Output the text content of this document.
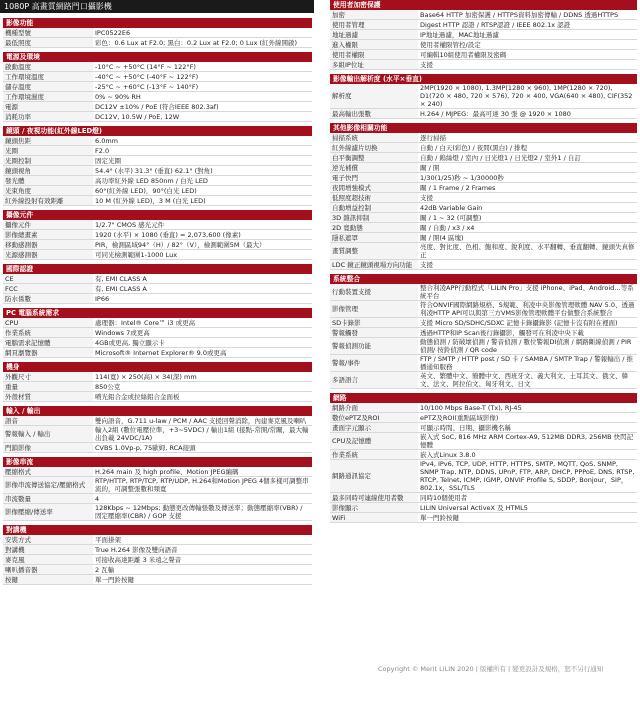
1080P 高畫質網路門口攝影機
影像功能
機種型號	IPC0522E6
最低照度	彩色：0.6 Lux at F2.0; 黑白：0.2 Lux at F2.0; 0 Lux (紅外線開啟)
電源及環境
啟動溫度	-10°C ~ +50°C (14°F ~ 122°F)
工作環境溫度	-40°C ~ +50°C (-40°F ~ 122°F)
儲存溫度	-25°C ~ +60°C (-13°F ~ 140°F)
工作環境濕度	0% ~ 90% RH
電源	DC12V ±10% / PoE (符合IEEE 802.3af)
消耗功率	DC12V, 10.5W / PoE, 12W
鏡頭 / 夜視功能(紅外線LED燈)
鏡頭焦距	6.0mm
光圈	F2.0
光圈控制	固定光圈
鏡頭視角	54.4° (水平) 31.3° (垂直) 62.1° (對角)
發光體	高功率紅外線 LED 850nm / 白光 LED
光束角度	60°(紅外線 LED)，90°(白光 LED)
紅外線投射有效距離	10 M (紅外線 LED)，3 M (白光 LED)
攝像元件
攝像元件	1/2.7" CMOS 感光元件
影像總畫素	1920 (水平) × 1080 (垂直) = 2,073,600 (像素)
移動感測器	PIR，檢測區域94°（H）/ 82°（V），檢測範圍5M（最大）
光源感測器	可同光檢測範圍1-1000 Lux
國際認證
CE	有, EMI CLASS A
FCC	有, EMI CLASS A
防水係數	IP66
PC 電腦系統需求
CPU	處理器：Intel® Core™ i3 或更高
作業系統	Windows 7或更高
電腦需求記憶體	4GB或更高, 獨立顯示卡
網頁瀏覽器	Microsoft® Internet Explorer® 9.0或更高
機身
外觀尺寸	114(寬) × 250(高) × 34(深) mm
重量	850公克
外殼材質	噴光鋁合金或拉絲鋁合金面板
輸入 / 輸出
語音	雙向語音，G.711 u-law / PCM / AAC 支援回聲消除，內建麥克風及喇叭
警報輸入 / 輸出	輸入2組 (數位電壓位準，+3~5VDC) / 輸出1組 (接點-常開/常關，最大輸出負載 24VDC/1A)
門鎖影像	CVBS 1.0Vp-p, 75歐姆, RCA接頭
影像串流
壓縮格式	H.264 main 及 high profile、Motion JPEG編碼
影像串流傳送協定/壓縮格式	RTP/HTTP, RTP/TCP, RTP/UDP, H.264和Motion JPEG 4個多樣可調整串流的，可調整張數和頻寬
串流數量	4
影像壓縮/傳送率	128Kbps ~ 12Mbps; 動態更改傳輸張數及傳送率；動態壓縮率(VBR) / 固定壓縮率(CBR) / GOP 支援
對講機
安裝方式	平面掛架
對講機	True H.264 影像及雙向語音
麥克風	可接收高達距離 3 米遠之聲音
喇叭播音器	2 瓦輸
按鍵	單一門鈴按鍵
使用者加密保護
加密	Base64 HTTP 加密保護 / HTTPS資料加密傳輸 / DDNS 透過HTTPS
使用者管理	Digest HTTP 認證 / RTSP認證 / IEEE 802.1x 認證
地址過濾	IP地址過濾，MAC地址過濾
進入權限	使用者權限管控/設定
使用者權限	可編輯10組使用者權限及密碼
多組IP位址	支援
影像輸出解析度 (水平×垂直)
解析度	2MP(1920 × 1080), 1.3MP(1280 × 960), 1MP(1280 × 720), D1(720 × 480, 720 × 576), 720 × 400, VGA(640 × 480), CIF(352 × 240)
最高輸出張數	H.264 / MJPEG：最高可達 30 張 @ 1920 × 1080
其他影像相關功能
掃描系統	逐行掃描
紅外線濾片切換	自動 / 白天(彩色) / 夜間(黑白) / 排程
白平衡調整	自動 / 鎢絲燈 / 室內 / 日光燈1 / 日光燈2 / 室外1 / 自訂
逆光補償	關 / 開
電子快門	1/30(1/25)秒 ~ 1/30000秒
夜間增強模式	關 / 1 Frame / 2 Frames
低照度超技術	支援
自動增益控制	42dB Variable Gain
3D 雜訊抑制	關 / 1 ~ 32 (可調整)
2D 寬動態	關 / 自動 / x3 / x4
隱私遮罩	關 / 開(4 區塊)
畫質調整	亮度、對比度、色相、飽和度、銳利度、水平翻轉、垂直翻轉、鏡頭失真修正
LDC 鏡正鏡頭視場方向功能	支援
系統整合
行動裝置支援	整合利凌APP行動程式「LILIN Pro」支援 iPhone、iPad、Android…等系統平台
影像管理	符合ONVIF國際網路規格、S規範、利凌中央影像管理軟體 NAV 5.0、透過利凌HTTP API可以與第三方VMS影像管理軟體平台做整合系統整合
SD卡錄影	支援 Micro SD/SDHC/SDXC 記憶卡錄攝錄影 (記憶卡沒有附在裡面)
警報觸發	透過HTTP和IP Scan後行錄攝影，觸發可在利凌中央下載
警報偵測功能	動態偵測 / 防破壞偵測 / 警音偵測 / 數位警報DI偵測 / 網路斷線偵測 / PIR偵測/ 按鈴偵測 / QR code
警報/事件	FTP / SMTP / HTTP post / SD 卡 / SAMBA / SMTP Trap / 警報輸出 / 推播通知服務
多語語言	英文、繁體中文、簡體中文、西班牙文、義大利文、土耳其文、俄文、韓文、法文、阿拉伯文、匈牙利文、日文
網路
網路介面	10/100 Mbps Base-T (Tx), RJ-45
數位ePTZ及ROI	ePTZ及ROI(重點區域影像)
畫面字元顯示	可顯示時間、日期、攝影機名稱
CPU及記憶體	嵌入式 SoC, 816 MHz ARM Cortex-A9, 512MB DDR3, 256MB 快閃記憶體
作業系統	嵌入式Linux 3.8.0
網路通訊協定	IPv4, IPv6, TCP, UDP, HTTP, HTTPS, SMTP, MQTT, QoS, SNMP, SNMP Trap, NTP, DDNS, UPnP, FTP, ARP, DHCP, PPPoE, DNS, RTSP, RTCP, Telnet, ICMP, IGMP, ONVIF Profile S, SDDP, Bonjour，SIP，802.1x，SSL/TLS
最多同時可連線使用者數	同時10個使用者
影像顯示	LILIN Universal ActiveX 及 HTML5
WiFi	單一門鈴按鍵
Copyright © Merit LILIN 2020 | 版權所有 | 變更設計及規格，恕不另行通知
